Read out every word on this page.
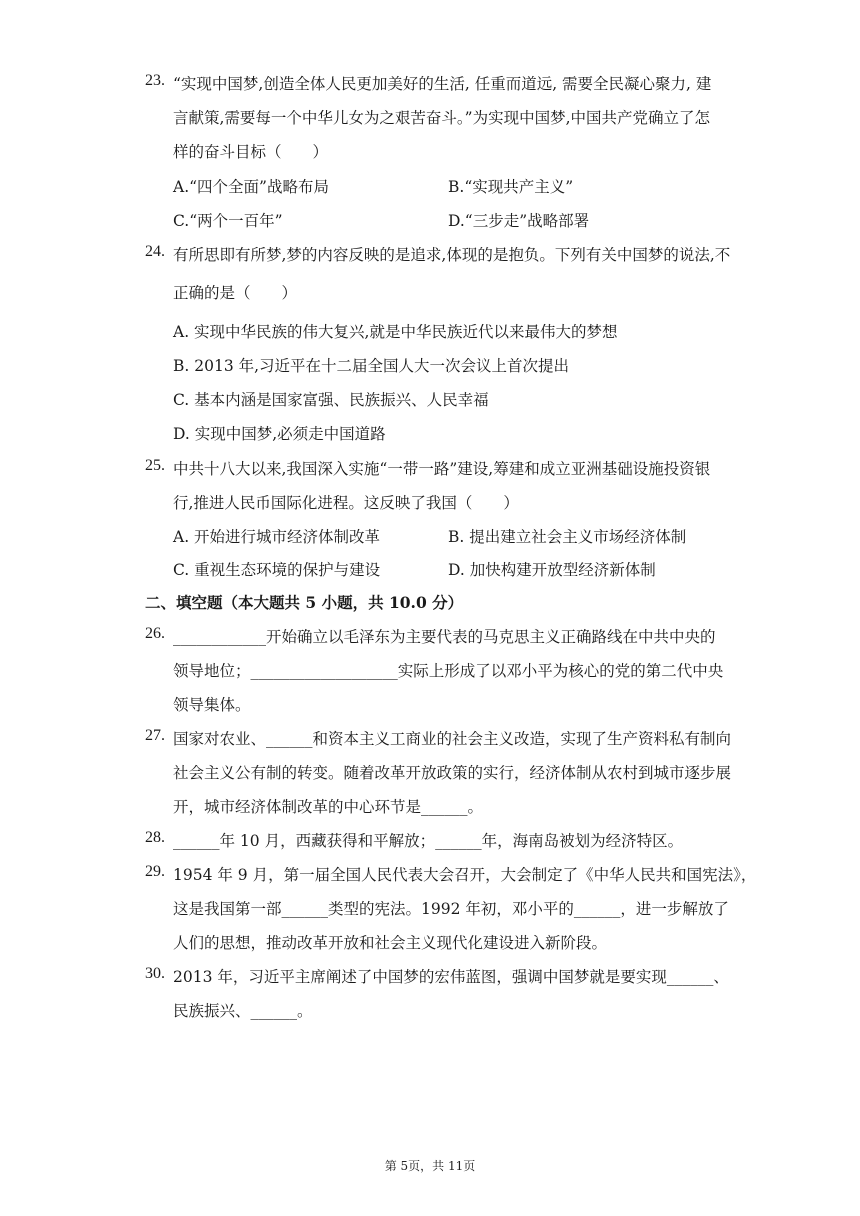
23. “实现中国梦,创造全体人民更加美好的生活, 任重而道远, 需要全民凝心聚力, 建
言献策,需要每一个中华儿女为之艰苦奋斗。”为实现中国梦,中国共产党确立了怎
样的奋斗目标（　　）
A.“四个全面”战略布局	B.“实现共产主义”
C.“两个一百年”	D.“三步走”战略部署
24. 有所思即有所梦,梦的内容反映的是追求,体现的是抱负。下列有关中国梦的说法,不
正确的是（　　）
A. 实现中华民族的伟大复兴,就是中华民族近代以来最伟大的梦想
B. 2013 年,习近平在十二届全国人大一次会议上首次提出
C. 基本内涵是国家富强、民族振兴、人民幸福
D. 实现中国梦,必须走中国道路
25. 中共十八大以来,我国深入实施“一带一路”建设,筹建和成立亚洲基础设施投资银
行,推进人民币国际化进程。这反映了我国（　　）
A. 开始进行城市经济体制改革	B. 提出建立社会主义市场经济体制
C. 重视生态环境的保护与建设	D. 加快构建开放型经济新体制
二、填空题（本大题共 5 小题，共 10.0 分）
26. ____________开始确立以毛泽东为主要代表的马克思主义正确路线在中共中央的
领导地位；___________________实际上形成了以邓小平为核心的党的第二代中央
领导集体。
27. 国家对农业、______和资本主义工商业的社会主义改造，实现了生产资料私有制向
社会主义公有制的转变。随着改革开放政策的实行，经济体制从农村到城市逐步展
开，城市经济体制改革的中心环节是______。
28. ______年 10 月，西藏获得和平解放；______年，海南岛被划为经济特区。
29. 1954 年 9 月，第一届全国人民代表大会召开，大会制定了《中华人民共和国宪法》，
这是我国第一部______类型的宪法。1992 年初，邓小平的______，进一步解放了
人们的思想，推动改革开放和社会主义现代化建设进入新阶段。
30. 2013 年，习近平主席阐述了中国梦的宏伟蓝图，强调中国梦就是要实现______、
民族振兴、______。
第 5页，共 11页
